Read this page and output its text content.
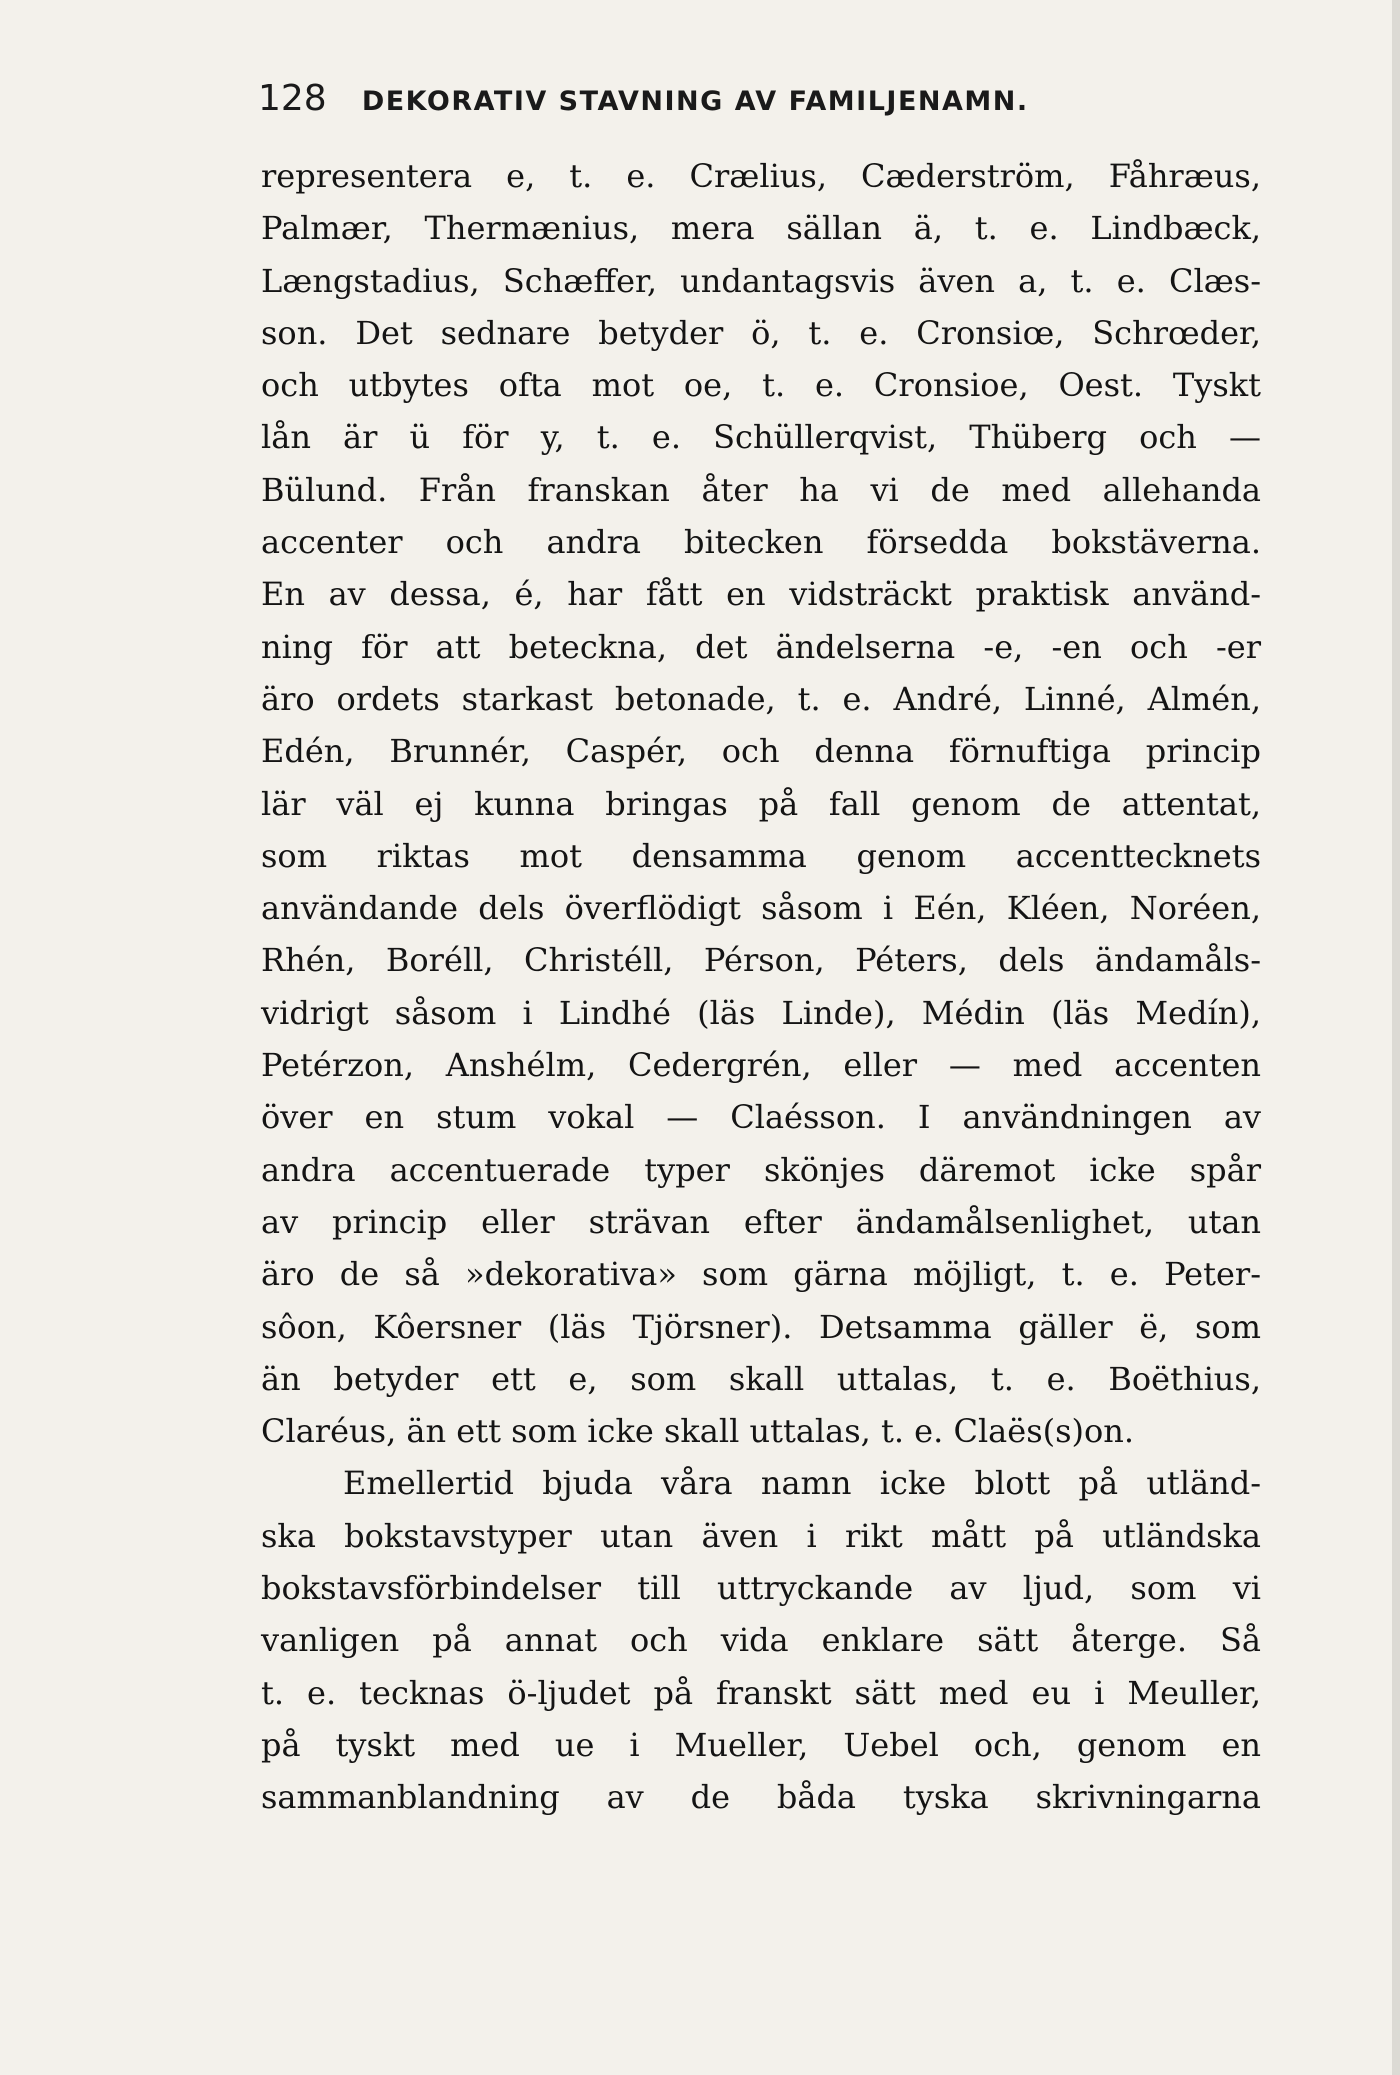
128 DEKORATIV STAVNING AV FAMILJENAMN.
representera e, t. e. Crælius, Cæderström, Fåhræus,
Palmær, Thermænius, mera sällan ä, t. e. Lindbæck,
Længstadius, Schæffer, undantagsvis även a, t. e. Clæs-
son. Det sednare betyder ö, t. e. Cronsiœ, Schrœder,
och utbytes ofta mot oe, t. e. Cronsioe, Oest. Tyskt
lån är ü för y, t. e. Schüllerqvist, Thüberg och —
Bülund. Från franskan åter ha vi de med allehanda
accenter och andra bitecken försedda bokstäverna.
En av dessa, é, har fått en vidsträckt praktisk använd-
ning för att beteckna, det ändelserna -e, -en och -er
äro ordets starkast betonade, t. e. André, Linné, Almén,
Edén, Brunnér, Caspér, och denna förnuftiga princip
lär väl ej kunna bringas på fall genom de attentat,
som riktas mot densamma genom accenttecknets
användande dels överflödigt såsom i Eén, Kléen, Noréen,
Rhén, Boréll, Christéll, Pérson, Péters, dels ändamåls-
vidrigt såsom i Lindhé (läs Linde), Médin (läs Medín),
Petérzon, Anshélm, Cedergrén, eller — med accenten
över en stum vokal — Claésson. I användningen av
andra accentuerade typer skönjes däremot icke spår
av princip eller strävan efter ändamålsenlighet, utan
äro de så »dekorativa» som gärna möjligt, t. e. Peter-
sôon, Kôersner (läs Tjörsner). Detsamma gäller ë, som
än betyder ett e, som skall uttalas, t. e. Boëthius,
Claréus, än ett som icke skall uttalas, t. e. Claës(s)on.
Emellertid bjuda våra namn icke blott på utländ-
ska bokstavstyper utan även i rikt mått på utländska
bokstavsförbindelser till uttryckande av ljud, som vi
vanligen på annat och vida enklare sätt återge. Så
t. e. tecknas ö-ljudet på franskt sätt med eu i Meuller,
på tyskt med ue i Mueller, Uebel och, genom en
sammanblandning av de båda tyska skrivningarna
